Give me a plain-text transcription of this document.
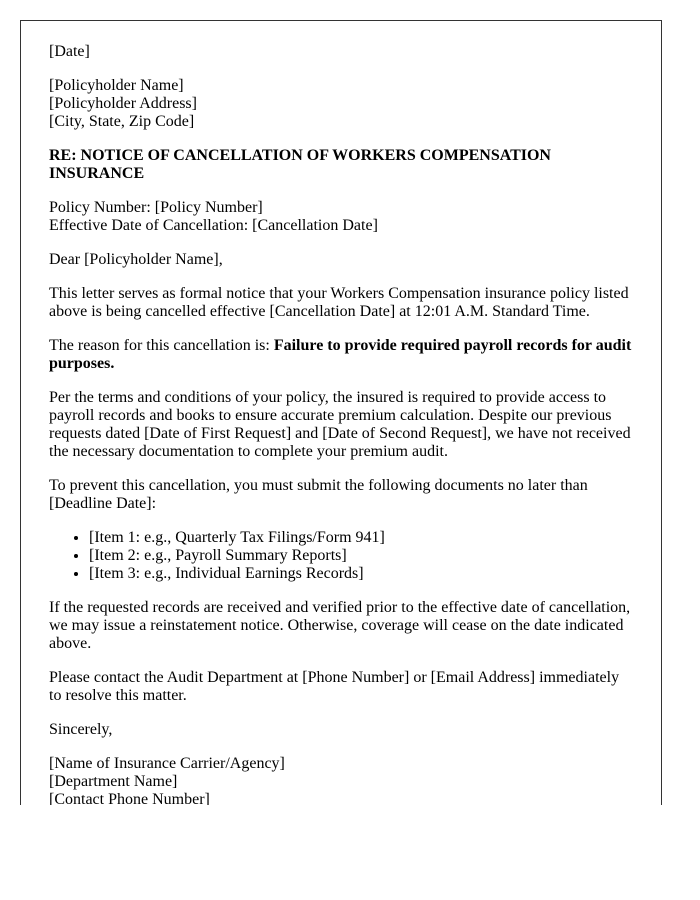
[Date]

[Policyholder Name]
[Policyholder Address]
[City, State, Zip Code]

RE: NOTICE OF CANCELLATION OF WORKERS COMPENSATION INSURANCE

Policy Number: [Policy Number]
Effective Date of Cancellation: [Cancellation Date]

Dear [Policyholder Name],

This letter serves as formal notice that your Workers Compensation insurance policy listed above is being cancelled effective [Cancellation Date] at 12:01 A.M. Standard Time.

The reason for this cancellation is: Failure to provide required payroll records for audit purposes.

Per the terms and conditions of your policy, the insured is required to provide access to payroll records and books to ensure accurate premium calculation. Despite our previous requests dated [Date of First Request] and [Date of Second Request], we have not received the necessary documentation to complete your premium audit.

To prevent this cancellation, you must submit the following documents no later than [Deadline Date]:

• [Item 1: e.g., Quarterly Tax Filings/Form 941]
• [Item 2: e.g., Payroll Summary Reports]
• [Item 3: e.g., Individual Earnings Records]

If the requested records are received and verified prior to the effective date of cancellation, we may issue a reinstatement notice. Otherwise, coverage will cease on the date indicated above.

Please contact the Audit Department at [Phone Number] or [Email Address] immediately to resolve this matter.

Sincerely,

[Name of Insurance Carrier/Agency]
[Department Name]
[Contact Phone Number]
